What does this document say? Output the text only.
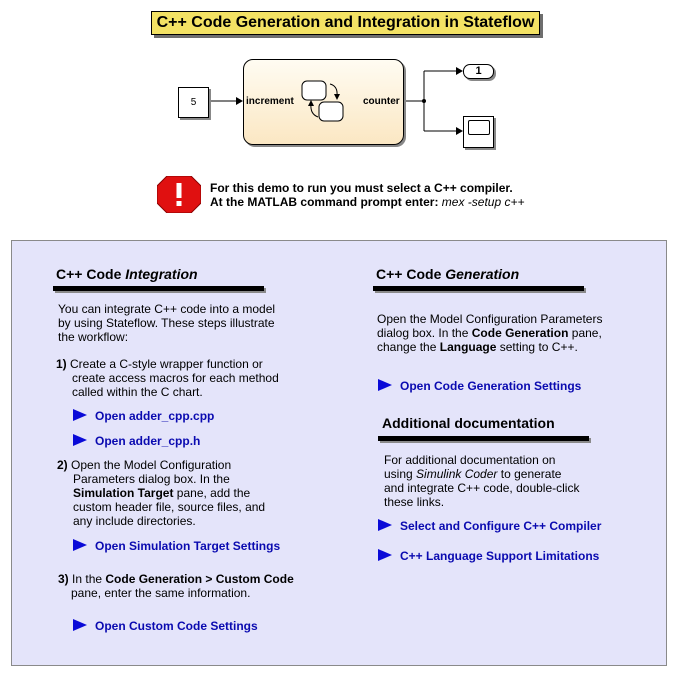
C++ Code Generation and Integration in Stateflow
5	increment	counter
1
For this demo to run you must select a C++ compiler.
At the MATLAB command prompt enter: mex -setup c++
C++ Code Integration
You can integrate C++ code into a model
by using Stateflow. These steps illustrate
the workflow:
1) Create a C-style wrapper function or
create access macros for each method
called within the C chart.
Open adder_cpp.cpp
Open adder_cpp.h
2) Open the Model Configuration
Parameters dialog box. In the
Simulation Target pane, add the
custom header file, source files, and
any include directories.
Open Simulation Target Settings
3) In the Code Generation > Custom Code
pane, enter the same information.
Open Custom Code Settings
C++ Code Generation
Open the Model Configuration Parameters
dialog box. In the Code Generation pane,
change the Language setting to C++.
Open Code Generation Settings
Additional documentation
For additional documentation on
using Simulink Coder to generate
and integrate C++ code, double-click
these links.
Select and Configure C++ Compiler
C++ Language Support Limitations
